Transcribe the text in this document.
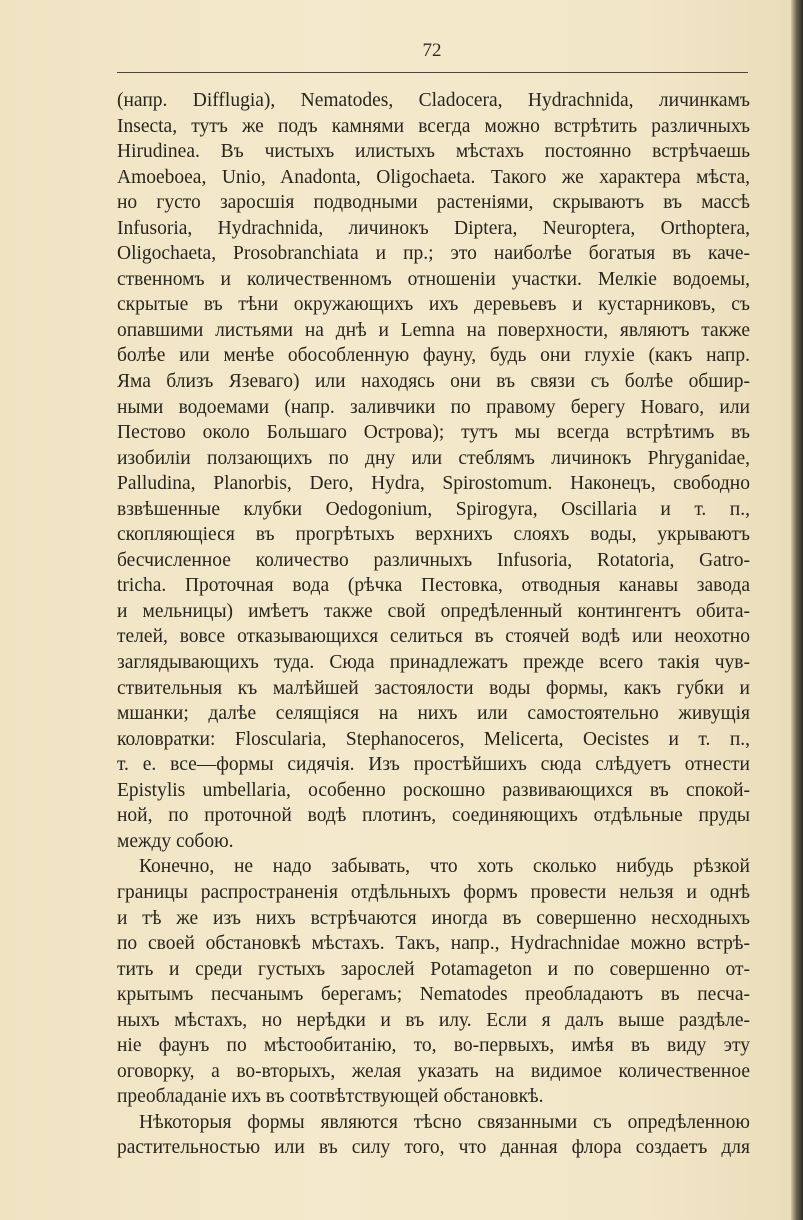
72
(напр. Difflugia), Nematodes, Cladocera, Hydrachnida, личинкамъ
Insecta, тутъ же подъ камнями всегда можно встрѣтить различныхъ
Hirudinea. Въ чистыхъ илистыхъ мѣстахъ постоянно встрѣчаешь
Amoeboea, Unio, Anadonta, Oligochaeta. Такого же характера мѣста,
но густо заросшія подводными растеніями, скрываютъ въ массѣ
Infusoria, Hydrachnida, личинокъ Diptera, Neuroptera, Orthoptera,
Oligochaeta, Prosobranchiata и пр.; это наиболѣе богатыя въ каче-
ственномъ и количественномъ отношеніи участки. Мелкіе водоемы,
скрытые въ тѣни окружающихъ ихъ деревьевъ и кустарниковъ, съ
опавшими листьями на днѣ и Lemna на поверхности, являютъ также
болѣе или менѣе обособленную фауну, будь они глухіе (какъ напр.
Яма близъ Язеваго) или находясь они въ связи съ болѣе обшир-
ными водоемами (напр. заливчики по правому берегу Новаго, или
Пестово около Большаго Острова); тутъ мы всегда встрѣтимъ въ
изобиліи ползающихъ по дну или стеблямъ личинокъ Phryganidae,
Palludina, Planorbis, Dero, Hydra, Spirostomum. Наконецъ, свободно
взвѣшенные клубки Oedogonium, Spirogyra, Oscillaria и т. п.,
скопляющіеся въ прогрѣтыхъ верхнихъ слояхъ воды, укрываютъ
бесчисленное количество различныхъ Infusoria, Rotatoria, Gatro-
tricha. Проточная вода (рѣчка Пестовка, отводныя канавы завода
и мельницы) имѣетъ также свой опредѣленный контингентъ обита-
телей, вовсе отказывающихся селиться въ стоячей водѣ или неохотно
заглядывающихъ туда. Сюда принадлежатъ прежде всего такія чув-
ствительныя къ малѣйшей застоялости воды формы, какъ губки и
мшанки; далѣе селящіяся на нихъ или самостоятельно живущія
коловратки: Floscularia, Stephanoceros, Melicerta, Oecistes и т. п.,
т. е. все—формы сидячія. Изъ простѣйшихъ сюда слѣдуетъ отнести
Epistylis umbellaria, особенно роскошно развивающихся въ спокой-
ной, по проточной водѣ плотинъ, соединяющихъ отдѣльные пруды
между собою.
Конечно, не надо забывать, что хоть сколько нибудь рѣзкой
границы распространенія отдѣльныхъ формъ провести нельзя и однѣ
и тѣ же изъ нихъ встрѣчаются иногда въ совершенно несходныхъ
по своей обстановкѣ мѣстахъ. Такъ, напр., Hydrachnidae можно встрѣ-
тить и среди густыхъ зарослей Potamageton и по совершенно от-
крытымъ песчанымъ берегамъ; Nematodes преобладаютъ въ песча-
ныхъ мѣстахъ, но нерѣдки и въ илу. Если я далъ выше раздѣле-
ніе фаунъ по мѣстообитанію, то, во-первыхъ, имѣя въ виду эту
оговорку, а во-вторыхъ, желая указать на видимое количественное
преобладаніе ихъ въ соотвѣтствующей обстановкѣ.
Нѣкоторыя формы являются тѣсно связанными съ опредѣленною
растительностью или въ силу того, что данная флора создаетъ для
